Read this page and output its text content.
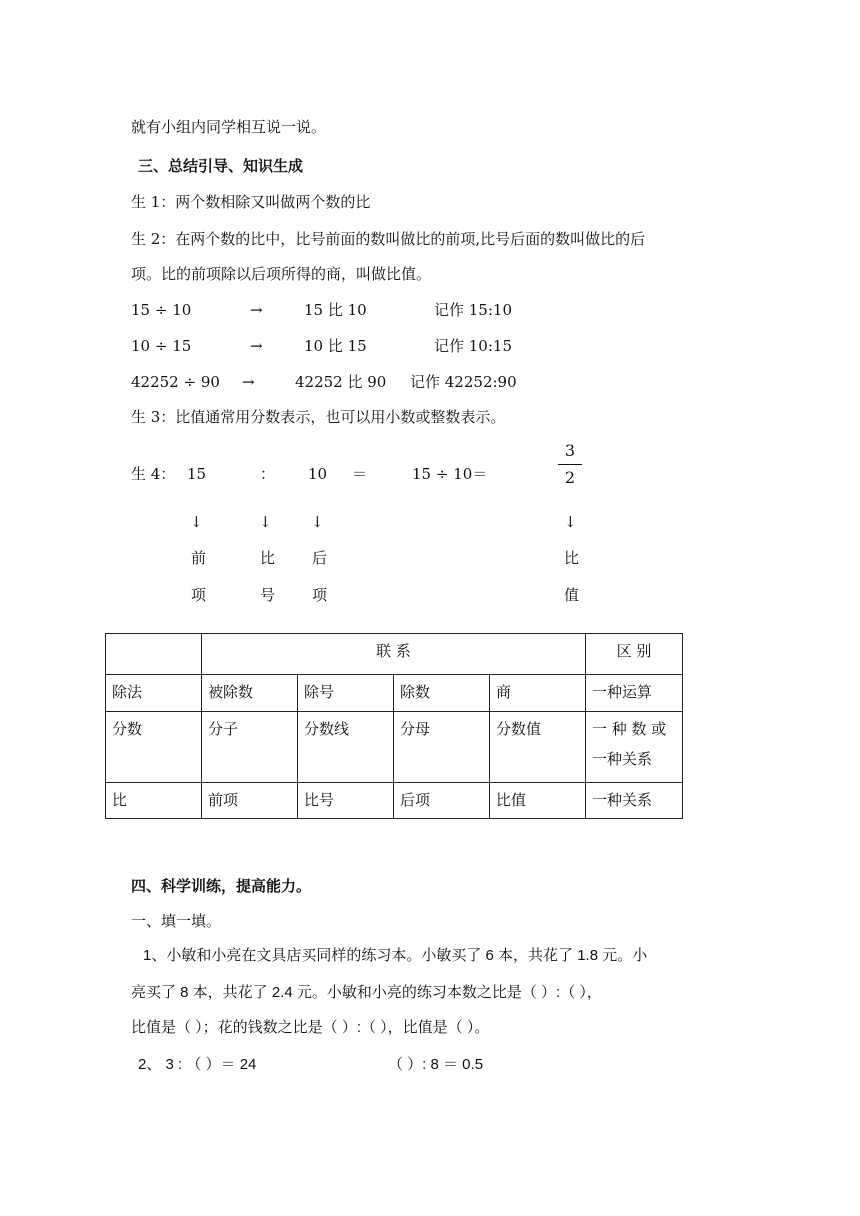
就有小组内同学相互说一说。
三、总结引导、知识生成
生 1：两个数相除又叫做两个数的比
生 2：在两个数的比中，比号前面的数叫做比的前项,比号后面的数叫做比的后
项。比的前项除以后项所得的商，叫做比值。
15 ÷ 10	→	15 比 10	记作 15:10
10 ÷ 15	→	10 比 15	记作 10:15
42252 ÷ 90 →	42252 比 90 记作 42252:90
生 3：比值通常用分数表示，也可以用小数或整数表示。
生 4： 15	： 10 ＝	15 ÷ 10＝
3
2
↓	↓	↓	↓
前
项
比
号
后
项
比
值
	联 系				区 别
除法	被除数	除号	除数	商	一种运算
分数	分子	分数线	分母	分数值	一 种 数 或
一种关系

比	前项	比号	后项	比值	一种关系
四、科学训练，提高能力。
一、填一填。
1、小敏和小亮在文具店买同样的练习本。小敏买了 6 本，共花了 1.8 元。小
亮买了 8 本，共花了 2.4 元。小敏和小亮的练习本数之比是（ ）:（ ），
比值是（ ）；花的钱数之比是（ ）:（ ），比值是（ ）。
2、 3 : （ ）＝ 24	（ ）: 8 ＝ 0.5
